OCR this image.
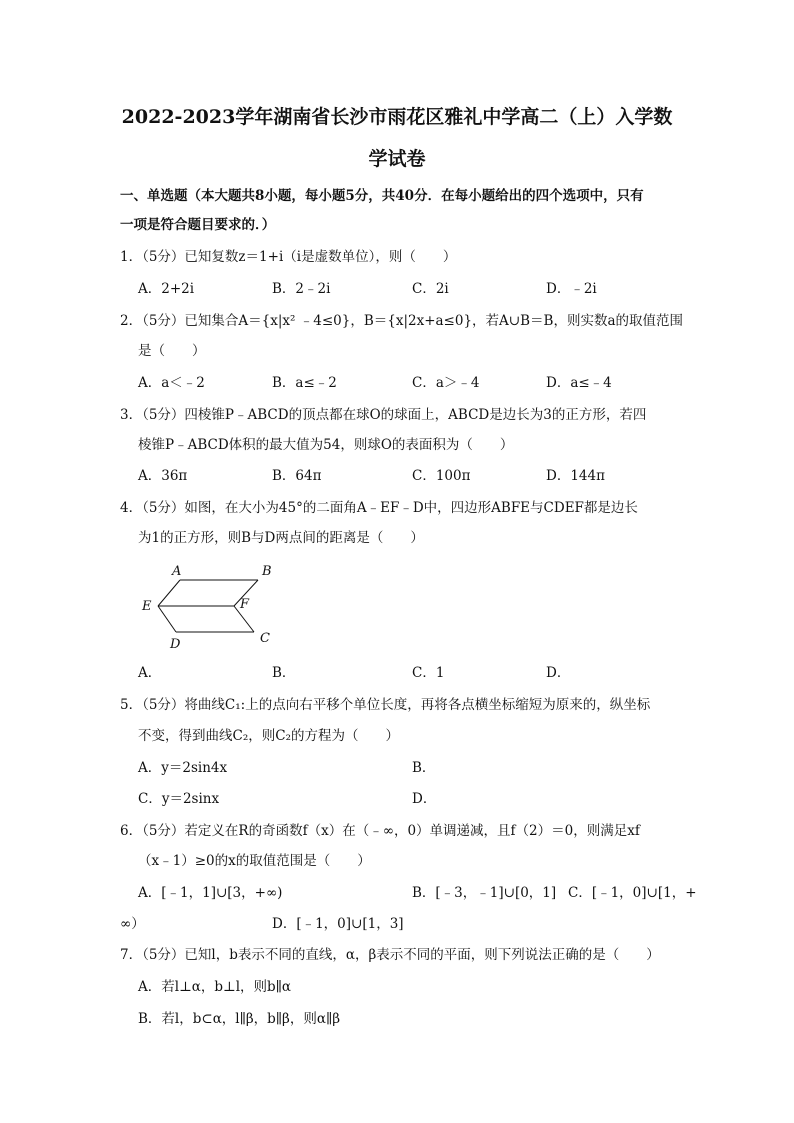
2022-2023学年湖南省长沙市雨花区雅礼中学高二（上）入学数
学试卷
一、单选题（本大题共8小题，每小题5分，共40分．在每小题给出的四个选项中，只有
一项是符合题目要求的．）
1．（5分）已知复数z＝1+i（i是虚数单位），则（　　）
A．2+2i	B．2﹣2i	C．2i	D．﹣2i
2．（5分）已知集合A＝{x|x² ﹣4≤0}，B＝{x|2x+a≤0}，若A∪B＝B，则实数a的取值范围
是（　　）
A．a＜﹣2	B．a≤﹣2	C．a＞﹣4	D．a≤﹣4
3．（5分）四棱锥P﹣ABCD的顶点都在球O的球面上，ABCD是边长为3的正方形，若四
棱锥P﹣ABCD体积的最大值为54，则球O的表面积为（　　）
A．36π	B．64π	C．100π	D．144π
4．（5分）如图，在大小为45°的二面角A﹣EF﹣D中，四边形ABFE与CDEF都是边长
为1的正方形，则B与D两点间的距离是（　　）
A	B
E	F
D	C
A．	B．	C．1	D．
5．（5分）将曲线C₁:上的点向右平移个单位长度，再将各点横坐标缩短为原来的，纵坐标
不变，得到曲线C₂，则C₂的方程为（　　）
A．y＝2sin4x	B．
C．y＝2sinx	D．
6．（5分）若定义在R的奇函数f（x）在（﹣∞，0）单调递减，且f（2）＝0，则满足xf
（x﹣1）≥0的x的取值范围是（　　）
A．[﹣1，1]∪[3，+∞)	B．[﹣3，﹣1]∪[0，1] C．[﹣1，0]∪[1，+
∞）	D．[﹣1，0]∪[1，3]
7．（5分）已知l，b表示不同的直线，α，β表示不同的平面，则下列说法正确的是（　　）
A．若l⊥α，b⊥l，则b∥α
B．若l，b⊂α，l∥β，b∥β，则α∥β
